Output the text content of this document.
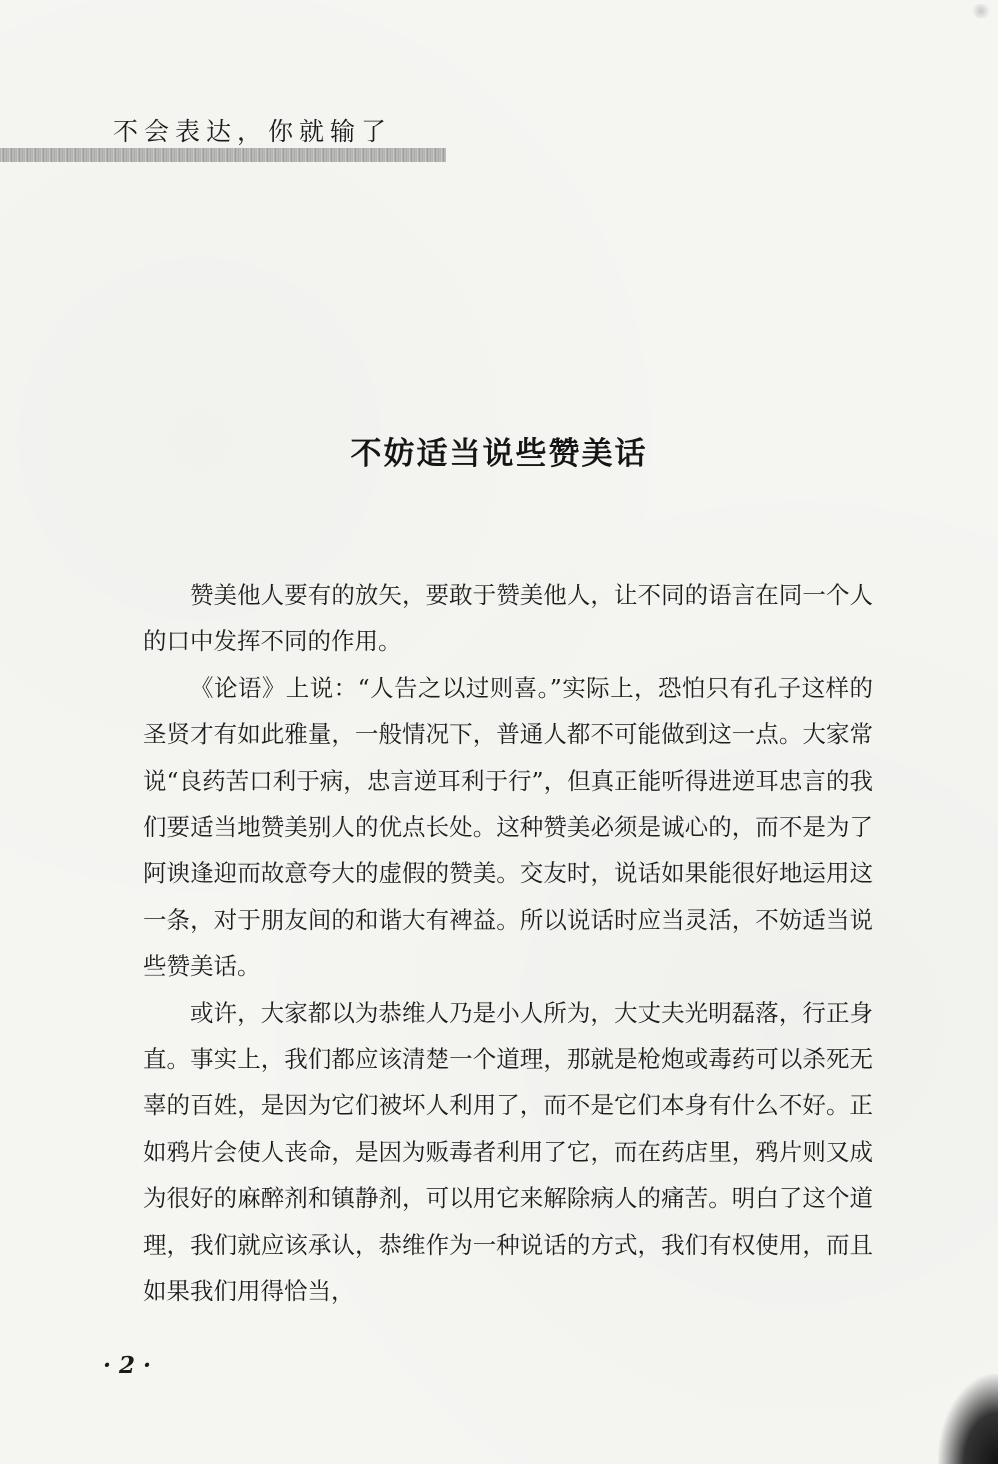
不会表达，你就输了
不妨适当说些赞美话

赞美他人要有的放矢，要敢于赞美他人，让不同的语言在同一个人的口中发挥不同的作用。

《论语》上说：“人告之以过则喜。”实际上，恐怕只有孔子这样的圣贤才有如此雅量，一般情况下，普通人都不可能做到这一点。大家常说“良药苦口利于病，忠言逆耳利于行”，但真正能听得进逆耳忠言的我们要适当地赞美别人的优点长处。这种赞美必须是诚心的，而不是为了阿谀逢迎而故意夸大的虚假的赞美。交友时，说话如果能很好地运用这一条，对于朋友间的和谐大有裨益。所以说话时应当灵活，不妨适当说些赞美话。

或许，大家都以为恭维人乃是小人所为，大丈夫光明磊落，行正身直。事实上，我们都应该清楚一个道理，那就是枪炮或毒药可以杀死无辜的百姓，是因为它们被坏人利用了，而不是它们本身有什么不好。正如鸦片会使人丧命，是因为贩毒者利用了它，而在药店里，鸦片则又成为很好的麻醉剂和镇静剂，可以用它来解除病人的痛苦。明白了这个道理，我们就应该承认，恭维作为一种说话的方式，我们有权使用，而且如果我们用得恰当，

· 2 ·
